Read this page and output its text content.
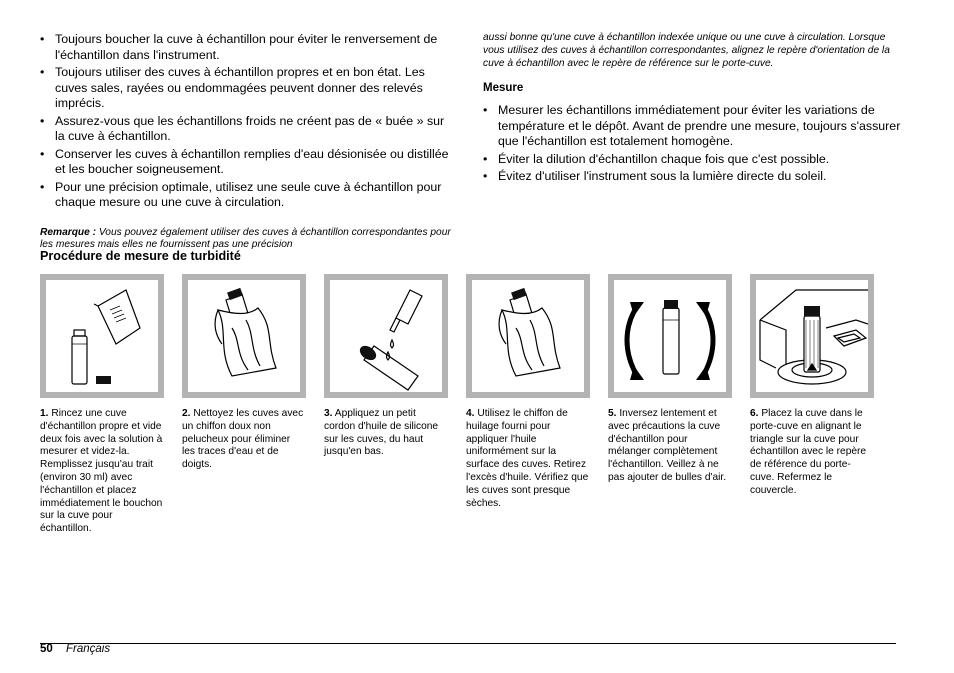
• Toujours boucher la cuve à échantillon pour éviter le renversement de l'échantillon dans l'instrument.
• Toujours utiliser des cuves à échantillon propres et en bon état. Les cuves sales, rayées ou endommagées peuvent donner des relevés imprécis.
• Assurez-vous que les échantillons froids ne créent pas de « buée » sur la cuve à échantillon.
• Conserver les cuves à échantillon remplies d'eau désionisée ou distillée et les boucher soigneusement.
• Pour une précision optimale, utilisez une seule cuve à échantillon pour chaque mesure ou une cuve à circulation.
Remarque : Vous pouvez également utiliser des cuves à échantillon correspondantes pour les mesures mais elles ne fournissent pas une précision
aussi bonne qu'une cuve à échantillon indexée unique ou une cuve à circulation. Lorsque vous utilisez des cuves à échantillon correspondantes, alignez le repère d'orientation de la cuve à échantillon avec le repère de référence sur le porte-cuve.
Mesure
• Mesurer les échantillons immédiatement pour éviter les variations de température et le dépôt. Avant de prendre une mesure, toujours s'assurer que l'échantillon est totalement homogène.
• Éviter la dilution d'échantillon chaque fois que c'est possible.
• Évitez d'utiliser l'instrument sous la lumière directe du soleil.
Procédure de mesure de turbidité
1. Rincez une cuve d'échantillon propre et vide deux fois avec la solution à mesurer et videz-la. Remplissez jusqu'au trait (environ 30 ml) avec l'échantillon et placez immédiatement le bouchon sur la cuve pour échantillon.
2. Nettoyez les cuves avec un chiffon doux non pelucheux pour éliminer les traces d'eau et de doigts.
3. Appliquez un petit cordon d'huile de silicone sur les cuves, du haut jusqu'en bas.
4. Utilisez le chiffon de huilage fourni pour appliquer l'huile uniformément sur la surface des cuves. Retirez l'excès d'huile. Vérifiez que les cuves sont presque sèches.
5. Inversez lentement et avec précautions la cuve d'échantillon pour mélanger complètement l'échantillon. Veillez à ne pas ajouter de bulles d'air.
6. Placez la cuve dans le porte-cuve en alignant le triangle sur la cuve pour échantillon avec le repère de référence du porte-cuve. Refermez le couvercle.
50 Français
